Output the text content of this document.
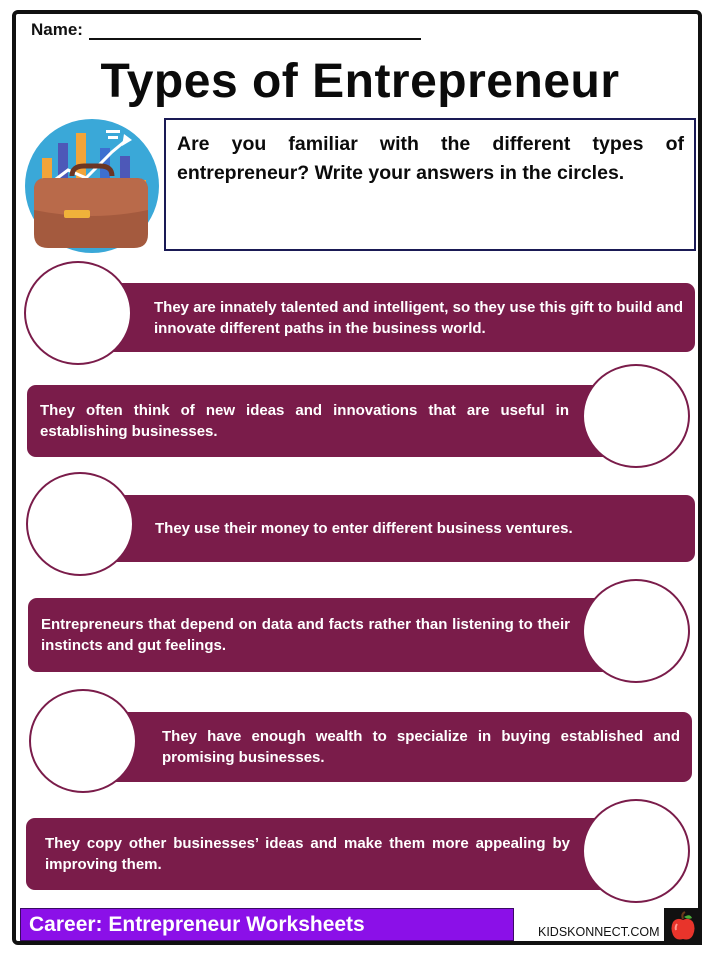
Name:
Types of Entrepreneur
Are you familiar with the different types of entrepreneur? Write your answers in the circles.
They are innately talented and intelligent, so they use this gift to build and innovate different paths in the business world.
They often think of new ideas and innovations that are useful in establishing businesses.
They use their money to enter different business ventures.
Entrepreneurs that depend on data and facts rather than listening to their instincts and gut feelings.
They have enough wealth to specialize in buying established and promising businesses.
They copy other businesses’ ideas and make them more appealing by improving them.
Career: Entrepreneur Worksheets	KIDSKONNECT.COM
